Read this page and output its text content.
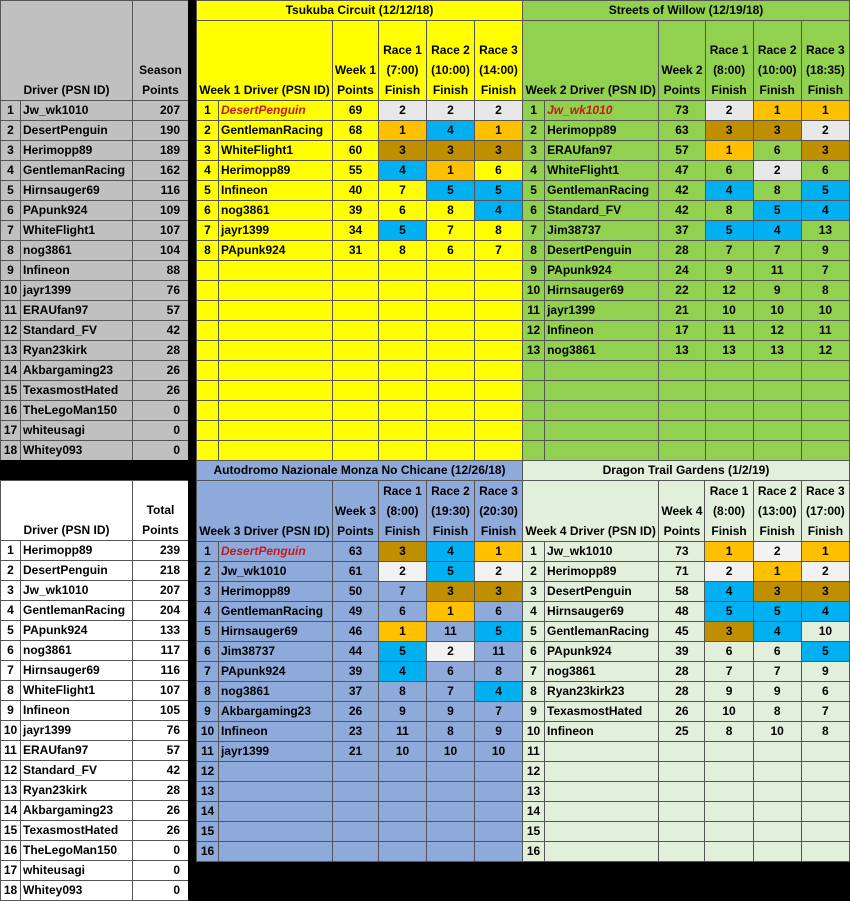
Driver (PSN ID)		Season Points

1	Jw_wk1010	207
2	DesertPenguin	190
3	Herimopp89	189
4	GentlemanRacing	162
5	Hirnsauger69	116
6	PApunk924	109
7	WhiteFlight1	107
8	nog3861	104
9	Infineon	88
10	jayr1399	76
11	ERAUfan97	57
12	Standard_FV	42
13	Ryan23kirk	28
14	Akbargaming23	26
15	TexasmostHated	26
16	TheLegoMan150	0
17	whiteusagi	0
18	Whitey093	0
Driver (PSN ID)		Total Points
1	Herimopp89	239
2	DesertPenguin	218
3	Jw_wk1010	207
4	GentlemanRacing	204
5	PApunk924	133
6	nog3861	117
7	Hirnsauger69	116
8	WhiteFlight1	107
9	Infineon	105
10	jayr1399	76
11	ERAUfan97	57
12	Standard_FV	42
13	Ryan23kirk	28
14	Akbargaming23	26
15	TexasmostHated	26
16	TheLegoMan150	0
17	whiteusagi	0
18	Whitey093	0
Tsukuba Circuit (12/12/18)					
Week 1 Driver (PSN ID)		Week 1 Points	Race 1 (7:00) Finish	Race 2 (10:00) Finish	Race 3 (14:00) Finish
1	DesertPenguin	69	2	2	2
2	GentlemanRacing	68	1	4	1
3	WhiteFlight1	60	3	3	3
4	Herimopp89	55	4	1	6
5	Infineon	40	7	5	5
6	nog3861	39	6	8	4
7	jayr1399	34	5	7	8
8	PApunk924	31	8	6	7

Streets of Willow (12/19/18)					
Week 2 Driver (PSN ID)		Week 2 Points	Race 1 (8:00) Finish	Race 2 (10:00) Finish	Race 3 (18:35) Finish
1	Jw_wk1010	73	2	1	1
2	Herimopp89	63	3	3	2
3	ERAUfan97	57	1	6	3
4	WhiteFlight1	47	6	2	6
5	GentlemanRacing	42	4	8	5
6	Standard_FV	42	8	5	4
7	Jim38737	37	5	4	13
8	DesertPenguin	28	7	7	9
9	PApunk924	24	9	11	7
10	Hirnsauger69	22	12	9	8
11	jayr1399	21	10	10	10
12	Infineon	17	11	12	11
13	nog3861	13	13	13	12

Autodromo Nazionale Monza No Chicane (12/26/18)					
Week 3 Driver (PSN ID)		Week 3 Points	Race 1 (8:00) Finish	Race 2 (19:30) Finish	Race 3 (20:30) Finish
1	DesertPenguin	63	3	4	1
2	Jw_wk1010	61	2	5	2
3	Herimopp89	50	7	3	3
4	GentlemanRacing	49	6	1	6
5	Hirnsauger69	46	1	11	5
6	Jim38737	44	5	2	11
7	PApunk924	39	4	6	8
8	nog3861	37	8	7	4
9	Akbargaming23	26	9	9	7
10	Infineon	23	11	8	9
11	jayr1399	21	10	10	10
12					
13					
14					
15					
16					
Dragon Trail Gardens (1/2/19)					
Week 4 Driver (PSN ID)		Week 4 Points	Race 1 (8:00) Finish	Race 2 (13:00) Finish	Race 3 (17:00) Finish
1	Jw_wk1010	73	1	2	1
2	Herimopp89	71	2	1	2
3	DesertPenguin	58	4	3	3
4	Hirnsauger69	48	5	5	4
5	GentlemanRacing	45	3	4	10
6	PApunk924	39	6	6	5
7	nog3861	28	7	7	9
8	Ryan23kirk23	28	9	9	6
9	TexasmostHated	26	10	8	7
10	Infineon	25	8	10	8
11					
12					
13					
14					
15					
16					
